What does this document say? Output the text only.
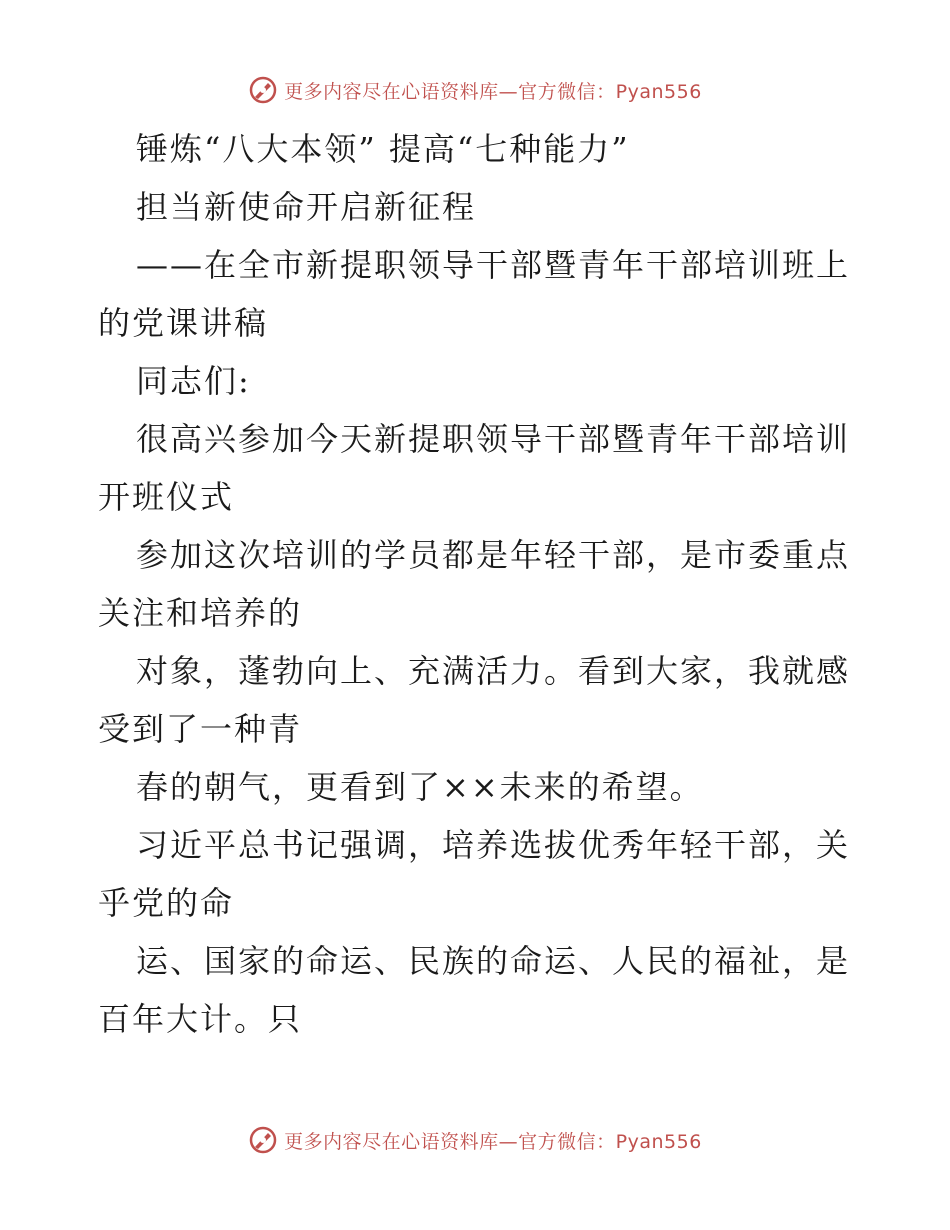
更多内容尽在心语资料库—官方微信：Pyan556
锤炼“八大本领” 提高“七种能力”
担当新使命开启新征程
——在全市新提职领导干部暨青年干部培训班上
的党课讲稿
同志们:
很高兴参加今天新提职领导干部暨青年干部培训
开班仪式
参加这次培训的学员都是年轻干部，是市委重点
关注和培养的
对象，蓬勃向上、充满活力。看到大家，我就感
受到了一种青
春的朝气，更看到了××未来的希望。
习近平总书记强调，培养选拔优秀年轻干部，关
乎党的命
运、国家的命运、民族的命运、人民的福祉，是
百年大计。只
更多内容尽在心语资料库—官方微信：Pyan556
